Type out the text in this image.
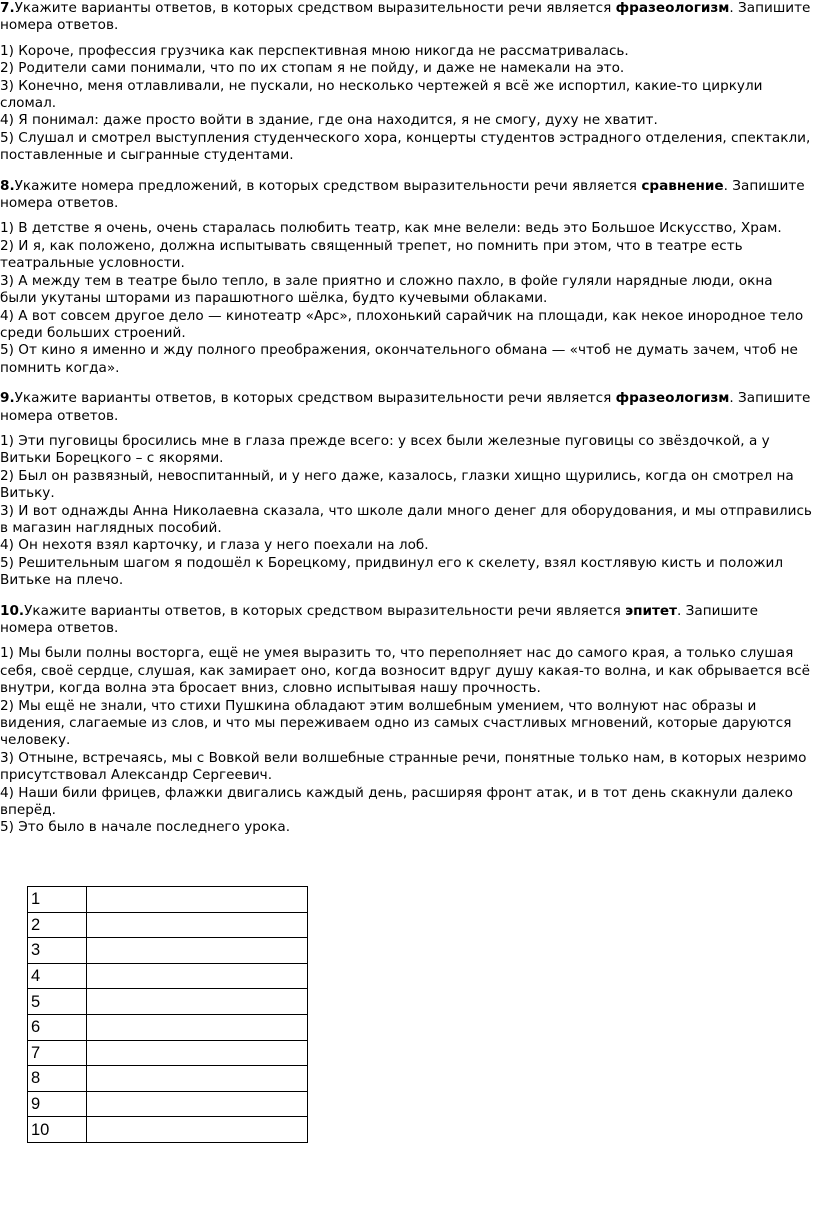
7.Укажите варианты ответов, в которых средством выразительности речи является фразеологизм. Запишите номера ответов.

1) Короче, профессия грузчика как перспективная мною никогда не рассматривалась.

2) Родители сами понимали, что по их стопам я не пойду, и даже не намекали на это.

3) Конечно, меня отлавливали, не пускали, но несколько чертежей я всё же испортил, какие-то циркули сломал.

4) Я понимал: даже просто войти в здание, где она находится, я не смогу, духу не хватит.

5) Слушал и смотрел выступления студенческого хора, концерты студентов эстрадного отделения, спектакли, поставленные и сыгранные студентами.

8.Укажите номера предложений, в которых средством выразительности речи является сравнение. Запишите номера ответов.

1) В детстве я очень, очень старалась полюбить театр, как мне велели: ведь это Большое Искусство, Храм.

2) И я, как положено, должна испытывать священный трепет, но помнить при этом, что в театре есть театральные условности.

3) А между тем в театре было тепло, в зале приятно и сложно пахло, в фойе гуляли нарядные люди, окна были укутаны шторами из парашютного шёлка, будто кучевыми облаками.

4) А вот совсем другое дело — кинотеатр «Арс», плохонький сарайчик на площади, как некое инородное тело среди больших строений.

5) От кино я именно и жду полного преображения, окончательного обмана — «чтоб не думать зачем, чтоб не помнить когда».

9.Укажите варианты ответов, в которых средством выразительности речи является фразеологизм. Запишите номера ответов.

1) Эти пуговицы бросились мне в глаза прежде всего: у всех были железные пуговицы со звёздочкой, а у Витьки Борецкого – с якорями.

2) Был он развязный, невоспитанный, и у него даже, казалось, глазки хищно щурились, когда он смотрел на Витьку.

3) И вот однажды Анна Николаевна сказала, что школе дали много денег для оборудования, и мы отправились в магазин наглядных пособий.

4) Он нехотя взял карточку, и глаза у него поехали на лоб.

5) Решительным шагом я подошёл к Борецкому, придвинул его к скелету, взял костлявую кисть и положил Витьке на плечо.

10.Укажите варианты ответов, в которых средством выразительности речи является эпитет. Запишите номера ответов.

1) Мы были полны восторга, ещё не умея выразить то, что переполняет нас до самого края, а только слушая себя, своё сердце, слушая, как замирает оно, когда возносит вдруг душу какая-то волна, и как обрывается всё внутри, когда волна эта бросает вниз, словно испытывая нашу прочность.

2) Мы ещё не знали, что стихи Пушкина обладают этим волшебным умением, что волнуют нас образы и видения, слагаемые из слов, и что мы переживаем одно из самых счастливых мгновений, которые даруются человеку.

3) Отныне, встречаясь, мы с Вовкой вели волшебные странные речи, понятные только нам, в которых незримо присутствовал Александр Сергеевич.

4) Наши били фрицев, флажки двигались каждый день, расширяя фронт атак, и в тот день скакнули далеко вперёд.

5) Это было в начале последнего урока.

1	
2	
3	
4	
5	
6	
7	
8	
9	
10	
